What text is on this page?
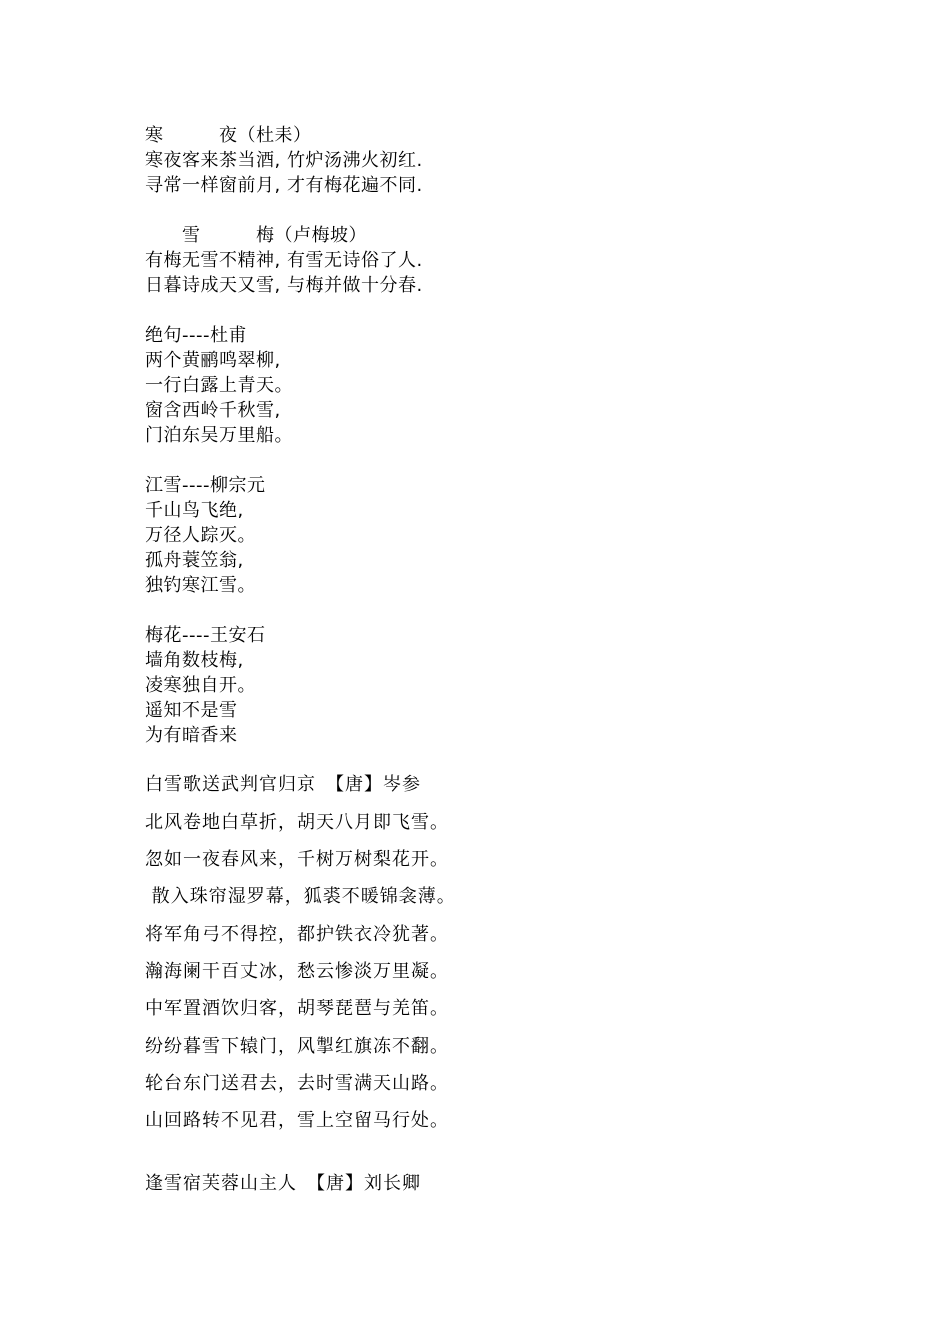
寒　　　夜（杜耒）
寒夜客来茶当酒, 竹炉汤沸火初红.
寻常一样窗前月, 才有梅花遍不同.
　　雪　　　梅（卢梅坡）
有梅无雪不精神, 有雪无诗俗了人.
日暮诗成天又雪, 与梅并做十分春.
绝句----杜甫
两个黄鹂鸣翠柳,
一行白露上青天。
窗含西岭千秋雪,
门泊东吴万里船。
江雪----柳宗元
千山鸟飞绝,
万径人踪灭。
孤舟蓑笠翁,
独钓寒江雪。
梅花----王安石
墙角数枝梅,
凌寒独自开。
遥知不是雪
为有暗香来
白雪歌送武判官归京　【唐】岑参
北风卷地白草折，胡天八月即飞雪。
忽如一夜春风来，千树万树梨花开。
散入珠帘湿罗幕，狐裘不暖锦衾薄。
将军角弓不得控，都护铁衣冷犹著。
瀚海阑干百丈冰，愁云惨淡万里凝。
中军置酒饮归客，胡琴琵琶与羌笛。
纷纷暮雪下辕门，风掣红旗冻不翻。
轮台东门送君去，去时雪满天山路。
山回路转不见君，雪上空留马行处。
逢雪宿芙蓉山主人　【唐】刘长卿
